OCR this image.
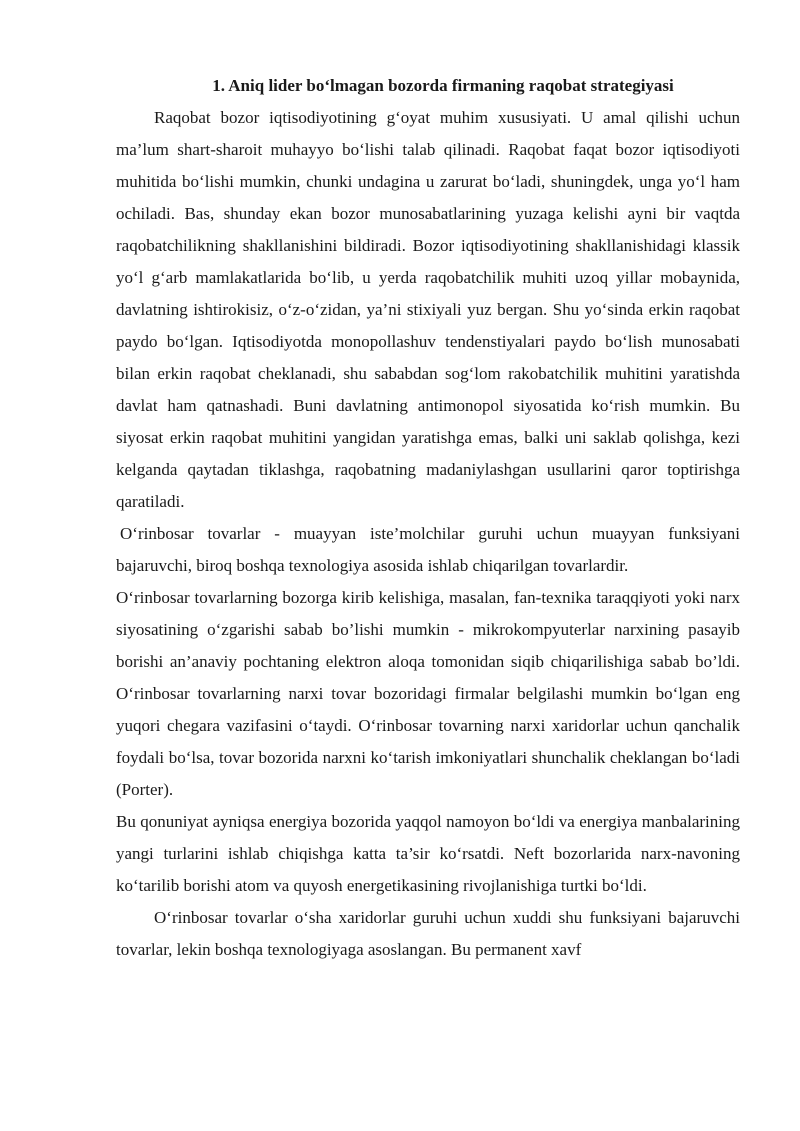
1. Aniq lider bo‘lmagan bozorda firmaning raqobat strategiyasi

Raqobat bozor iqtisodiyotining g‘oyat muhim xususiyati. U amal qilishi uchun ma’lum shart-sharoit muhayyo bo‘lishi talab qilinadi. Raqobat faqat bozor iqtisodiyoti muhitida bo‘lishi mumkin, chunki undagina u zarurat bo‘ladi, shuningdek, unga yo‘l ham ochiladi. Bas, shunday ekan bozor munosabatlarining yuzaga kelishi ayni bir vaqtda raqobatchilikning shakllanishini bildiradi. Bozor iqtisodiyotining shakllanishidagi klassik yo‘l g‘arb mamlakatlarida bo‘lib, u yerda raqobatchilik muhiti uzoq yillar mobaynida, davlatning ishtirokisiz, o‘z-o‘zidan, ya’ni stixiyali yuz bergan. Shu yo‘sinda erkin raqobat paydo bo‘lgan. Iqtisodiyotda monopollashuv tendenstiyalari paydo bo‘lish munosabati bilan erkin raqobat cheklanadi, shu sababdan sog‘lom rakobatchilik muhitini yaratishda davlat ham qatnashadi. Buni davlatning antimonopol siyosatida ko‘rish mumkin. Bu siyosat erkin raqobat muhitini yangidan yaratishga emas, balki uni saklab qolishga, kezi kelganda qaytadan tiklashga, raqobatning madaniylashgan usullarini qaror toptirishga qaratiladi.

O‘rinbosar tovarlar - muayyan iste’molchilar guruhi uchun muayyan funksiyani bajaruvchi, biroq boshqa texnologiya asosida ishlab chiqarilgan tovarlardir.

O‘rinbosar tovarlarning bozorga kirib kelishiga, masalan, fan-texnika taraqqiyoti yoki narx siyosatining o‘zgarishi sabab bo’lishi mumkin - mikrokompyuterlar narxining pasayib borishi an’anaviy pochtaning elektron aloqa tomonidan siqib chiqarilishiga sabab bo’ldi. O‘rinbosar tovarlarning narxi tovar bozoridagi firmalar belgilashi mumkin bo‘lgan eng yuqori chegara vazifasini o‘taydi. O‘rinbosar tovarning narxi xaridorlar uchun qanchalik foydali bo‘lsa, tovar bozorida narxni ko‘tarish imkoniyatlari shunchalik cheklangan bo‘ladi (Porter).

Bu qonuniyat ayniqsa energiya bozorida yaqqol namoyon bo‘ldi va energiya manbalarining yangi turlarini ishlab chiqishga katta ta’sir ko‘rsatdi. Neft bozorlarida narx-navoning ko‘tarilib borishi atom va quyosh energetikasining rivojlanishiga turtki bo‘ldi.

O‘rinbosar tovarlar o‘sha xaridorlar guruhi uchun xuddi shu funksiyani bajaruvchi tovarlar, lekin boshqa texnologiyaga asoslangan. Bu permanent xavf
